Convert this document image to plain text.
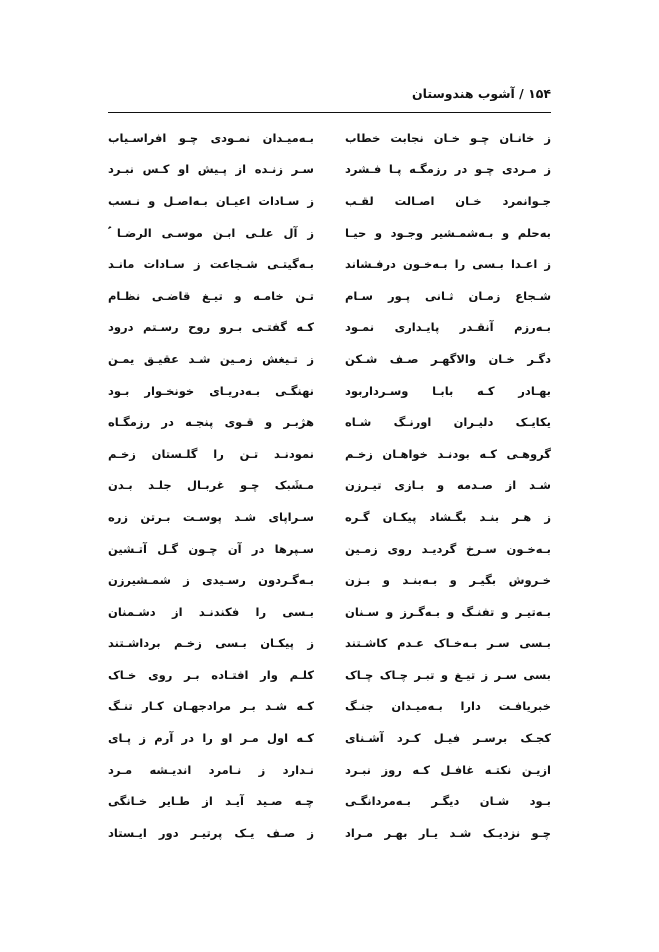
۱۵۴ / آشوب هندوستان
ز خانـان چـو خـان نجابت خطاب
بـه‌میـدان نمـودی چـو افراسـیاب
ز مـردی چـو در رزمگـه پـا فـشرد
سـر زنـده از پـیش او کـس نبـرد
جـوانمرد خـان اصـالت لقـب
ز سـادات اعیـان بـه‌اصـل و نـسب
به‌حلم و بـه‌شمـشیر وجـود و حیـا
ز آل علـی ابـن موسـی الرضـا ؑ
ز اعـدا بـسی را بـه‌خـون درفـشاند
بـه‌گیتـی شـجاعت ز سـادات مانـد
شـجاع زمـان ثـانی پـور سـام
تـن خامـه و تیـغ قاضـی نظـام
بـه‌رزم آنقـدر پایـداری نمـود
کـه گفتـی بـرو روح رسـتم درود
دگـر خـان والاگهـر صـف شـکن
ز تـیغش زمـین شـد عقیـق یمـن
بهـادر کـه بابـا وسـرداربود
نهنگـی بـه‌دریـای خونخـوار بـود
یکایـک دلیـران اورنـگ شـاه
هژبـر و قـوی پنجـه در رزمگـاه
گروهـی کـه بودنـد خواهـان زخـم
نمودنـد تـن را گلـستان زخـم
شـد از صـدمه و بـازی تیـرزن
مـشَبک چـو غربـال جلـد بـدن
ز هـر بنـد بگـشاد پیکـان گـره
سـراپای شـد پوسـت بـرتن زره
بـه‌خـون سـرخ گردیـد روی زمـین
سـپرها در آن چـون گـل آتـشین
خـروش بگیـر و بـه‌بنـد و بـزن
بـه‌گـردون رسـیدی ز شمـشیرزن
بـه‌تیـر و تفنـگ و بـه‌گـرز و سـنان
بـسی را فکندنـد از دشـمنان
بـسی سـر بـه‌خـاک عـدم کاشـتند
ز پیکـان بـسی زخـم برداشـتند
بسی سـر ز تیـغ و تبـر چـاک چـاک
کلـم وار افتـاده بـر روی خـاک
خبریافـت دارا بـه‌میـدان جنـگ
کـه شـد بـر مرادجهـان کـار تنـگ
کجـک برسـر فیـل کـرد آشـنای
کـه اول مـر او را در آرم ز پـای
ازیـن نکتـه غافـل کـه روز نبـرد
نـدارد ز نـامرد اندیـشه مـرد
بـود شـان دیگـر بـه‌مردانگـی
چـه صـید آیـد از طـایر خـانگی
چـو نزدیـک شـد یـار بهـر مـراد
ز صـف یـک پرتیـر دور ایـستاد
